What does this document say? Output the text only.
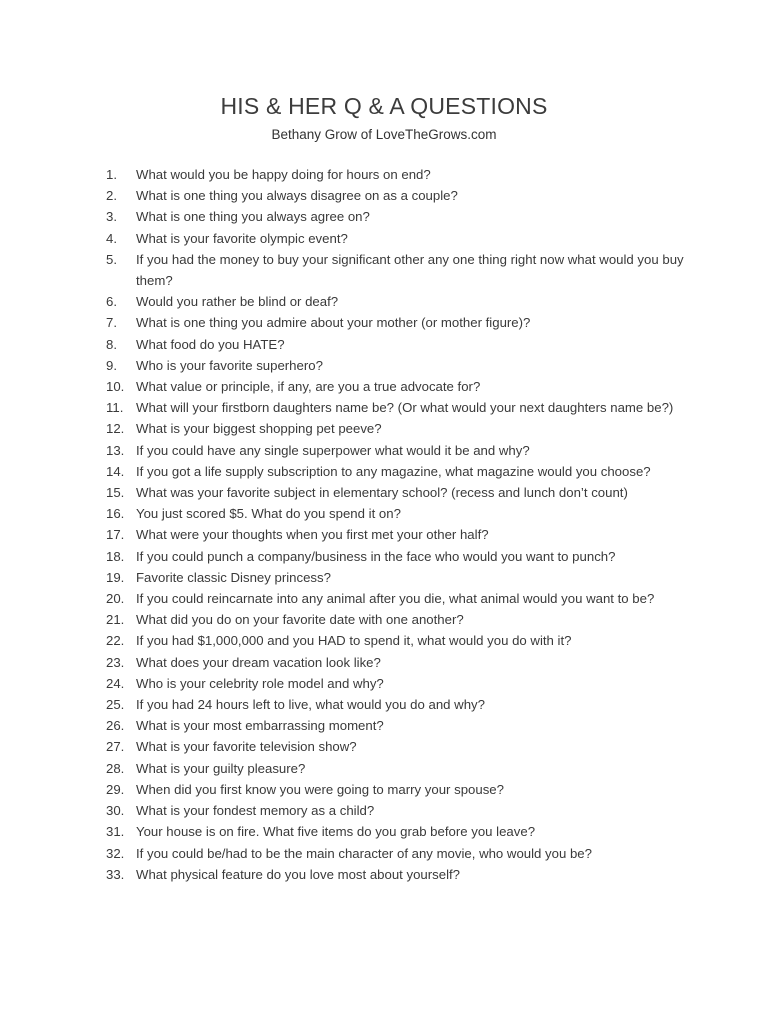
HIS & HER Q & A QUESTIONS

Bethany Grow of LoveTheGrows.com

1.	What would you be happy doing for hours on end?
2.	What is one thing you always disagree on as a couple?
3.	What is one thing you always agree on?
4.	What is your favorite olympic event?
5.	If you had the money to buy your significant other any one thing right now what would you buy them?
6.	Would you rather be blind or deaf?
7.	What is one thing you admire about your mother (or mother figure)?
8.	What food do you HATE?
9.	Who is your favorite superhero?
10. What value or principle, if any, are you a true advocate for?
11. What will your firstborn daughters name be? (Or what would your next daughters name be?)
12. What is your biggest shopping pet peeve?
13. If you could have any single superpower what would it be and why?
14. If you got a life supply subscription to any magazine, what magazine would you choose?
15. What was your favorite subject in elementary school? (recess and lunch don’t count)
16. You just scored $5. What do you spend it on?
17. What were your thoughts when you first met your other half?
18. If you could punch a company/business in the face who would you want to punch?
19. Favorite classic Disney princess?
20. If you could reincarnate into any animal after you die, what animal would you want to be?
21. What did you do on your favorite date with one another?
22. If you had $1,000,000 and you HAD to spend it, what would you do with it?
23. What does your dream vacation look like?
24. Who is your celebrity role model and why?
25. If you had 24 hours left to live, what would you do and why?
26. What is your most embarrassing moment?
27. What is your favorite television show?
28. What is your guilty pleasure?
29. When did you first know you were going to marry your spouse?
30. What is your fondest memory as a child?
31. Your house is on fire. What five items do you grab before you leave?
32. If you could be/had to be the main character of any movie, who would you be?
33. What physical feature do you love most about yourself?
